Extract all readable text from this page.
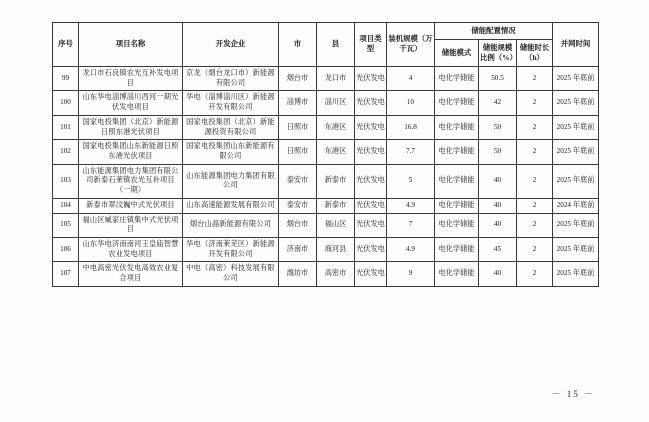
序号	项目名称	开发企业	市	县	项目类型	装机规模（万千瓦）	储能配置情况			并网时间
							储能模式	储能规模比例（%）	储能时长（h）	
99	龙口市石良镇农光互补发电项目	京龙（烟台龙口市）新能源有限公司	烟台市	龙口市	光伏发电	4	电化学储能	50.5	2	2025 年底前
100	山东华电淄博淄川西河一期光伏发电项目	华电（淄博淄川区）新能源开发有限公司	淄博市	淄川区	光伏发电	10	电化学储能	42	2	2025 年底前
101	国家电投集团（北京）新能源日照东港光伏项目	国家电投集团（北京）新能源投资有限公司	日照市	东港区	光伏发电	16.8	电化学储能	50	2	2025 年底前
102	国家电投集团山东新能源日照东港光伏项目	国家电投集团山东新能源有限公司	日照市	东港区	光伏发电	7.7	电化学储能	50	2	2025 年底前
103	山东能源集团电力集团有限公司新泰石莱镇农光互补项目（一期）	山东能源集团电力集团有限公司	泰安市	新泰市	光伏发电	5	电化学储能	40	2	2025 年底前
104	新泰市翠汶巍中式光伏项目	山东高速能源发展有限公司	泰安市	新泰市	光伏发电	4.9	电化学储能	40	2	2024 年底前
105	福山区臧家庄镇集中式光伏项目	烟台山晶新能源有限公司	烟台市	福山区	光伏发电	7	电化学储能	40	2	2025 年底前
106	山东华电济南南河王皇庙智慧农业发电项目	华电（济南莱芜区）新能源开发有限公司	济南市	商河县	光伏发电	4.9	电化学储能	45	2	2025 年底前
107	中电高密光伏发电高效农业复合项目	中电（高密）科技发展有限公司	潍坊市	高密市	光伏发电	9	电化学储能	40	2	2025 年底前
－ 15 －
